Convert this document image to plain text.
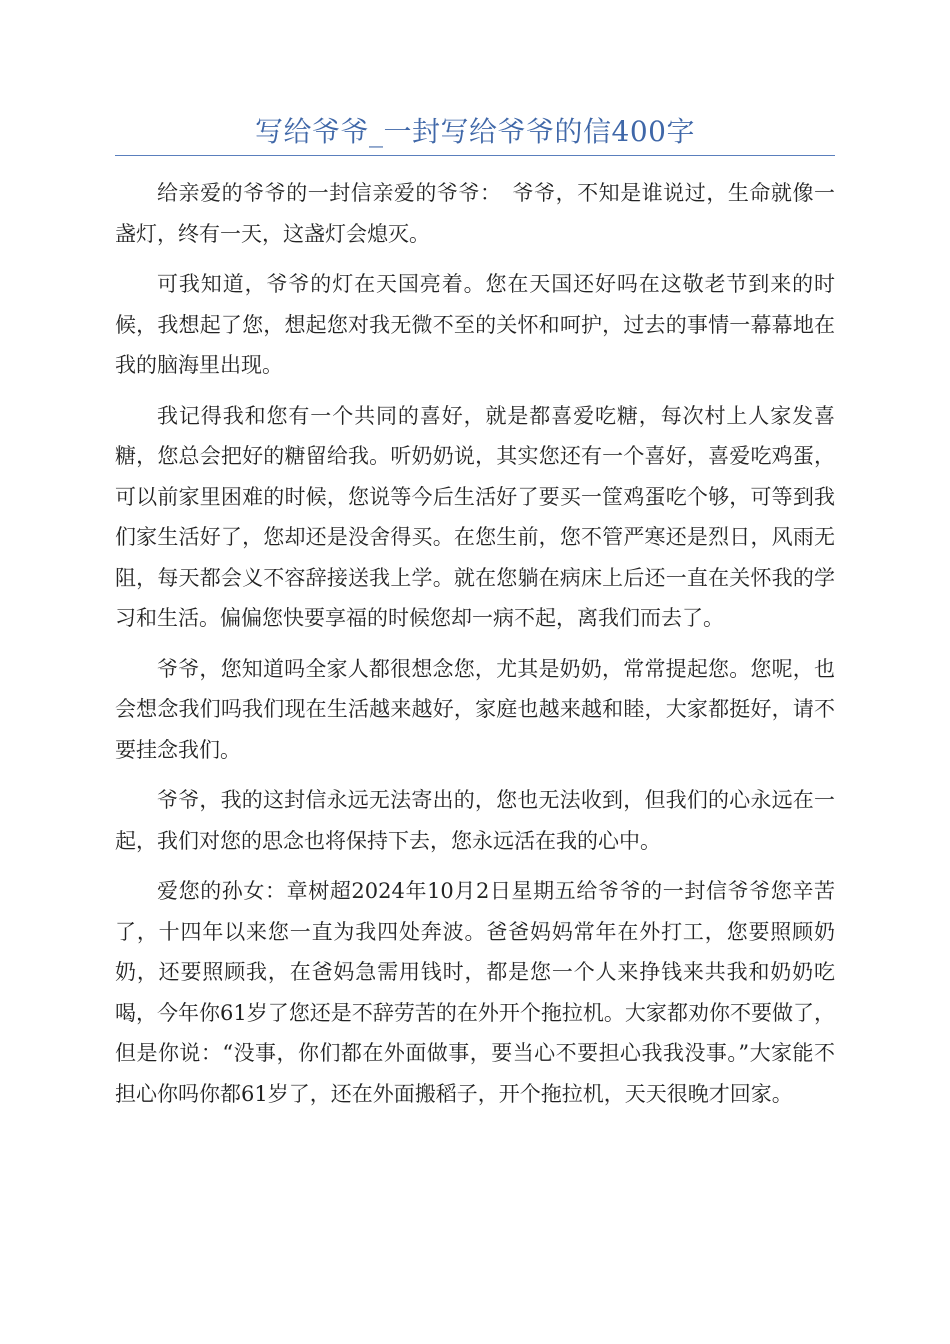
写给爷爷_一封写给爷爷的信400字

给亲爱的爷爷的一封信亲爱的爷爷：　爷爷，不知是谁说过，生命就像一盏灯，终有一天，这盏灯会熄灭。

可我知道，爷爷的灯在天国亮着。您在天国还好吗在这敬老节到来的时候，我想起了您，想起您对我无微不至的关怀和呵护，过去的事情一幕幕地在我的脑海里出现。

我记得我和您有一个共同的喜好，就是都喜爱吃糖，每次村上人家发喜糖，您总会把好的糖留给我。听奶奶说，其实您还有一个喜好，喜爱吃鸡蛋，可以前家里困难的时候，您说等今后生活好了要买一筐鸡蛋吃个够，可等到我们家生活好了，您却还是没舍得买。在您生前，您不管严寒还是烈日，风雨无阻，每天都会义不容辞接送我上学。就在您躺在病床上后还一直在关怀我的学习和生活。偏偏您快要享福的时候您却一病不起，离我们而去了。

爷爷，您知道吗全家人都很想念您，尤其是奶奶，常常提起您。您呢，也会想念我们吗我们现在生活越来越好，家庭也越来越和睦，大家都挺好，请不要挂念我们。

爷爷，我的这封信永远无法寄出的，您也无法收到，但我们的心永远在一起，我们对您的思念也将保持下去，您永远活在我的心中。

爱您的孙女：章树超2024年10月2日星期五给爷爷的一封信爷爷您辛苦了，十四年以来您一直为我四处奔波。爸爸妈妈常年在外打工，您要照顾奶奶，还要照顾我，在爸妈急需用钱时，都是您一个人来挣钱来共我和奶奶吃喝，今年你61岁了您还是不辞劳苦的在外开个拖拉机。大家都劝你不要做了，但是你说：“没事，你们都在外面做事，要当心不要担心我我没事。”大家能不担心你吗你都61岁了，还在外面搬稻子，开个拖拉机，天天很晚才回家。
